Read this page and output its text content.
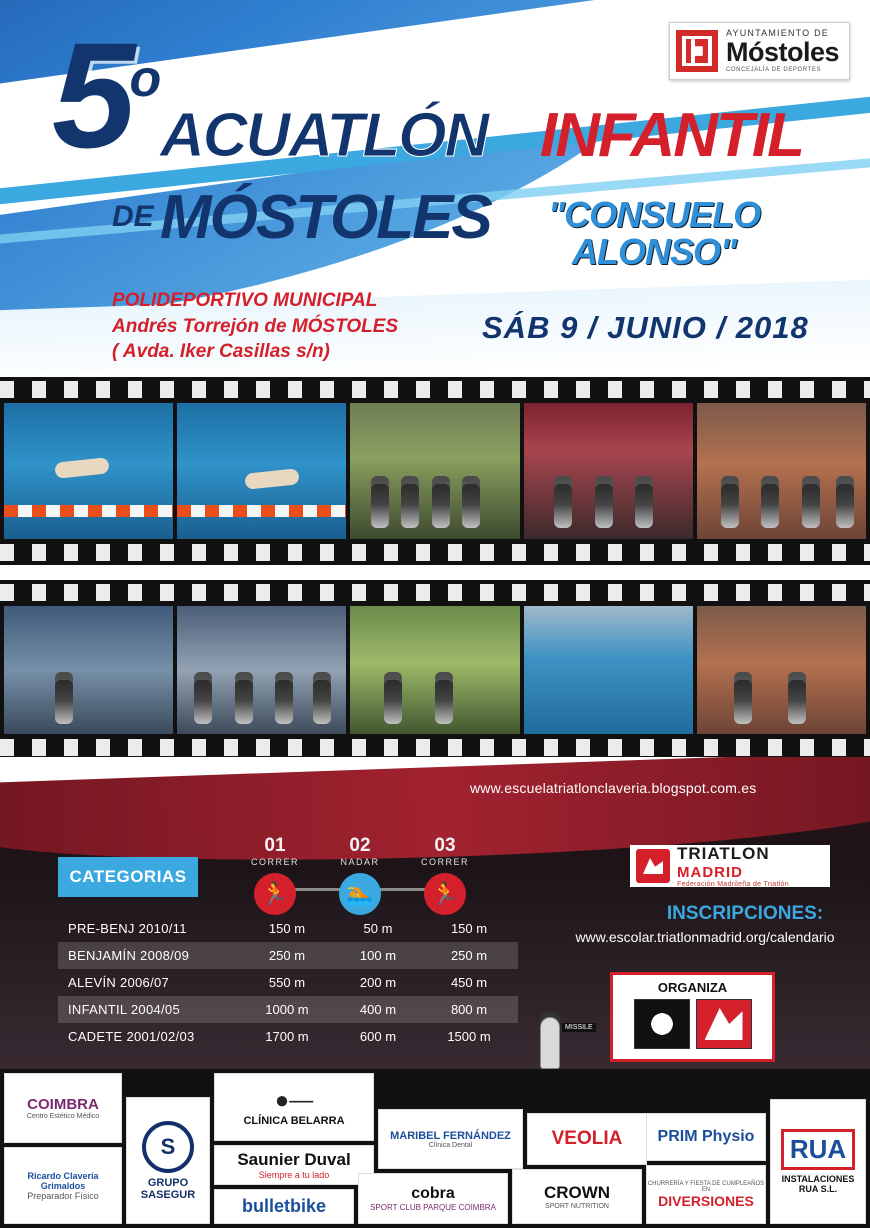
AYUNTAMIENTO DE
Móstoles
CONCEJALÍA DE DEPORTES
5$^o$
ACUATLÓN INFANTIL
DE MÓSTOLES "CONSUELO
ALONSO"
POLIDEPORTIVO MUNICIPAL
Andrés Torrejón de MÓSTOLES
( Avda. Iker Casillas s/n)
SÁB 9 / JUNIO / 2018
www.escuelatriatlonclaveria.blogspot.com.es
CATEGORIAS
01
CORRER
🏃
02
NADAR
🏊
03
CORRER
🏃
PRE-BENJ 2010/11	150 m	50 m	150 m
BENJAMÍN 2008/09	250 m	100 m	250 m
ALEVÍN 2006/07	550 m	200 m	450 m
INFANTIL 2004/05	1000 m	400 m	800 m
CADETE 2001/02/03	1700 m	600 m	1500 m
TRIATLON
MADRID
Federación Madrileña de Triatlón
INSCRIPCIONES:
www.escolar.triatlonmadrid.org/calendario
ORGANIZA
MISSILE
COIMBRA
Centro Estético Médico
Ricardo Clavería Grimaldos
Preparador Físico
S
GRUPO SASEGUR
●—
CLÍNICA BELARRA
Saunier Duval
Siempre a tu lado
bulletbike
MARIBEL FERNÁNDEZ
Clínica Dental
cobra
SPORT CLUB PARQUE COIMBRA
VEOLIA
CROWN
SPORT NUTRITION
PRIM Physio
CHURRERÍA Y FIESTA DE CUMPLEAÑOS EN
DIVERSIONES
RUA
INSTALACIONES RUA S.L.
